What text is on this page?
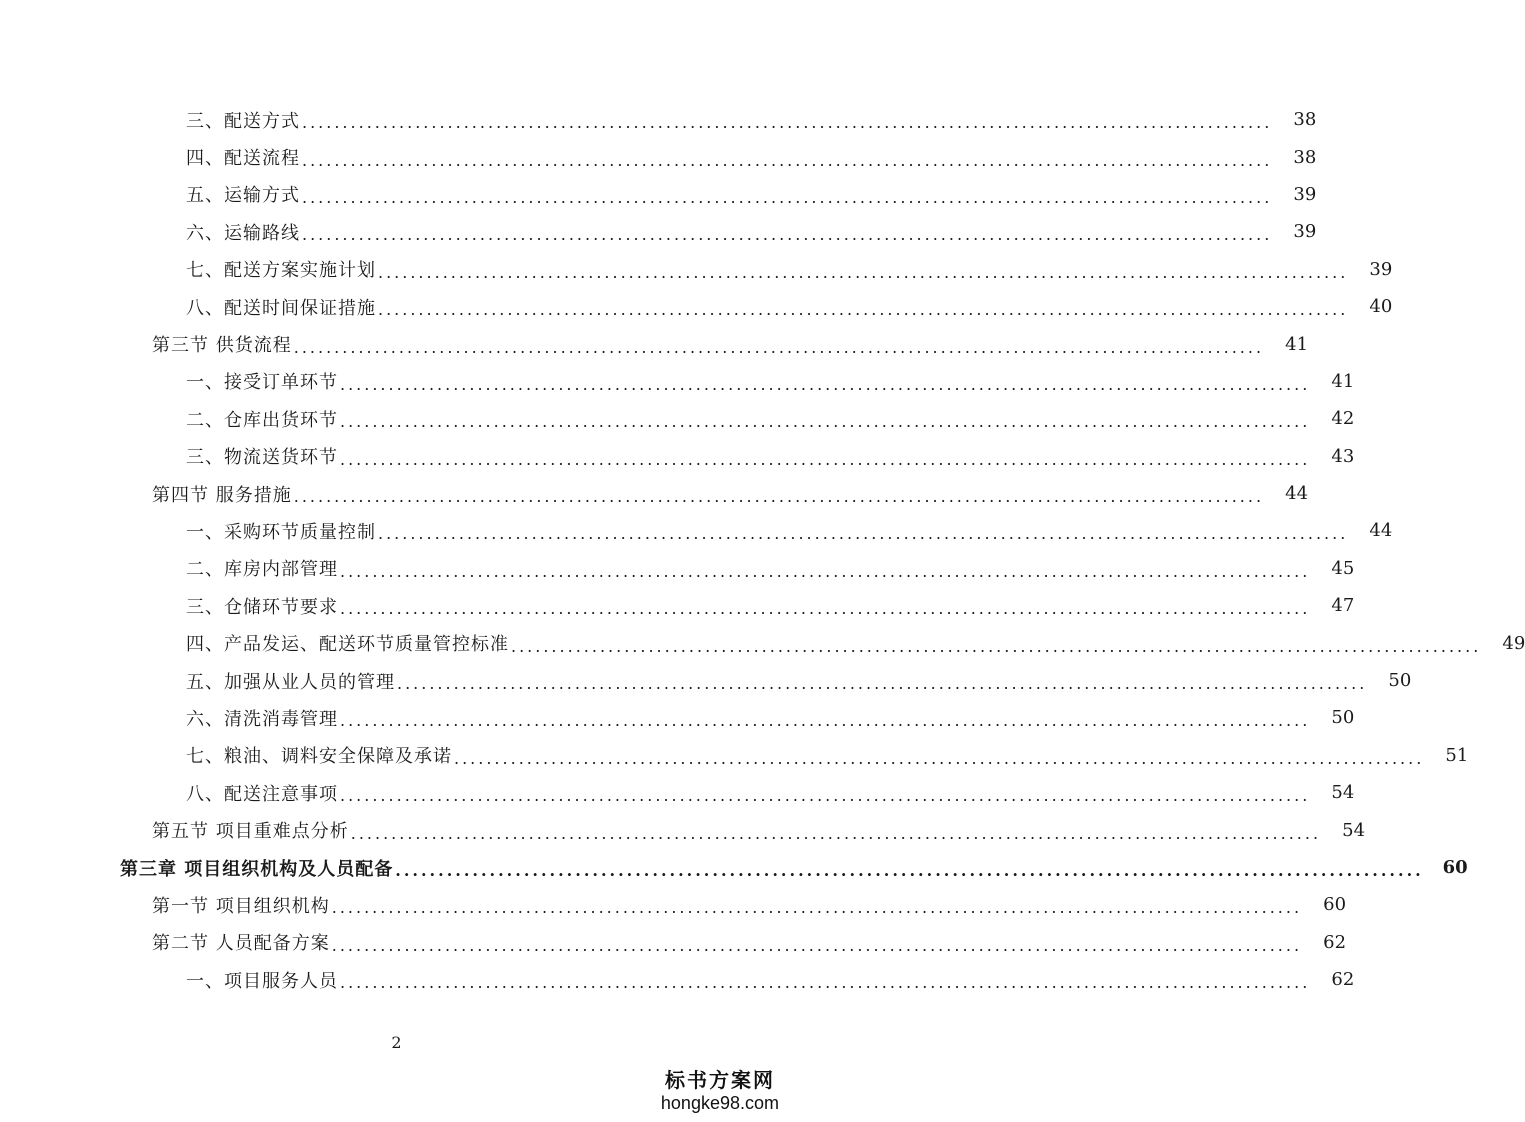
三、配送方式 ........................................................................................................................	38
四、配送流程 ........................................................................................................................	38
五、运输方式 ........................................................................................................................	39
六、运输路线 ........................................................................................................................	39
七、配送方案实施计划 ........................................................................................................................	39
八、配送时间保证措施 ........................................................................................................................	40
第三节 供货流程 ........................................................................................................................	41
一、接受订单环节 ........................................................................................................................	41
二、仓库出货环节 ........................................................................................................................	42
三、物流送货环节 ........................................................................................................................	43
第四节 服务措施 ........................................................................................................................	44
一、采购环节质量控制 ........................................................................................................................	44
二、库房内部管理 ........................................................................................................................	45
三、仓储环节要求 ........................................................................................................................	47
四、产品发运、配送环节质量管控标准 ........................................................................................................................	49
五、加强从业人员的管理 ........................................................................................................................	50
六、清洗消毒管理 ........................................................................................................................	50
七、粮油、调料安全保障及承诺 ........................................................................................................................	51
八、配送注意事项 ........................................................................................................................	54
第五节 项目重难点分析 ........................................................................................................................	54
第三章 项目组织机构及人员配备 ........................................................................................................................	60
第一节 项目组织机构 ........................................................................................................................	60
第二节 人员配备方案 ........................................................................................................................	62
一、项目服务人员 ........................................................................................................................	62
2
标书方案网
hongke98.com
